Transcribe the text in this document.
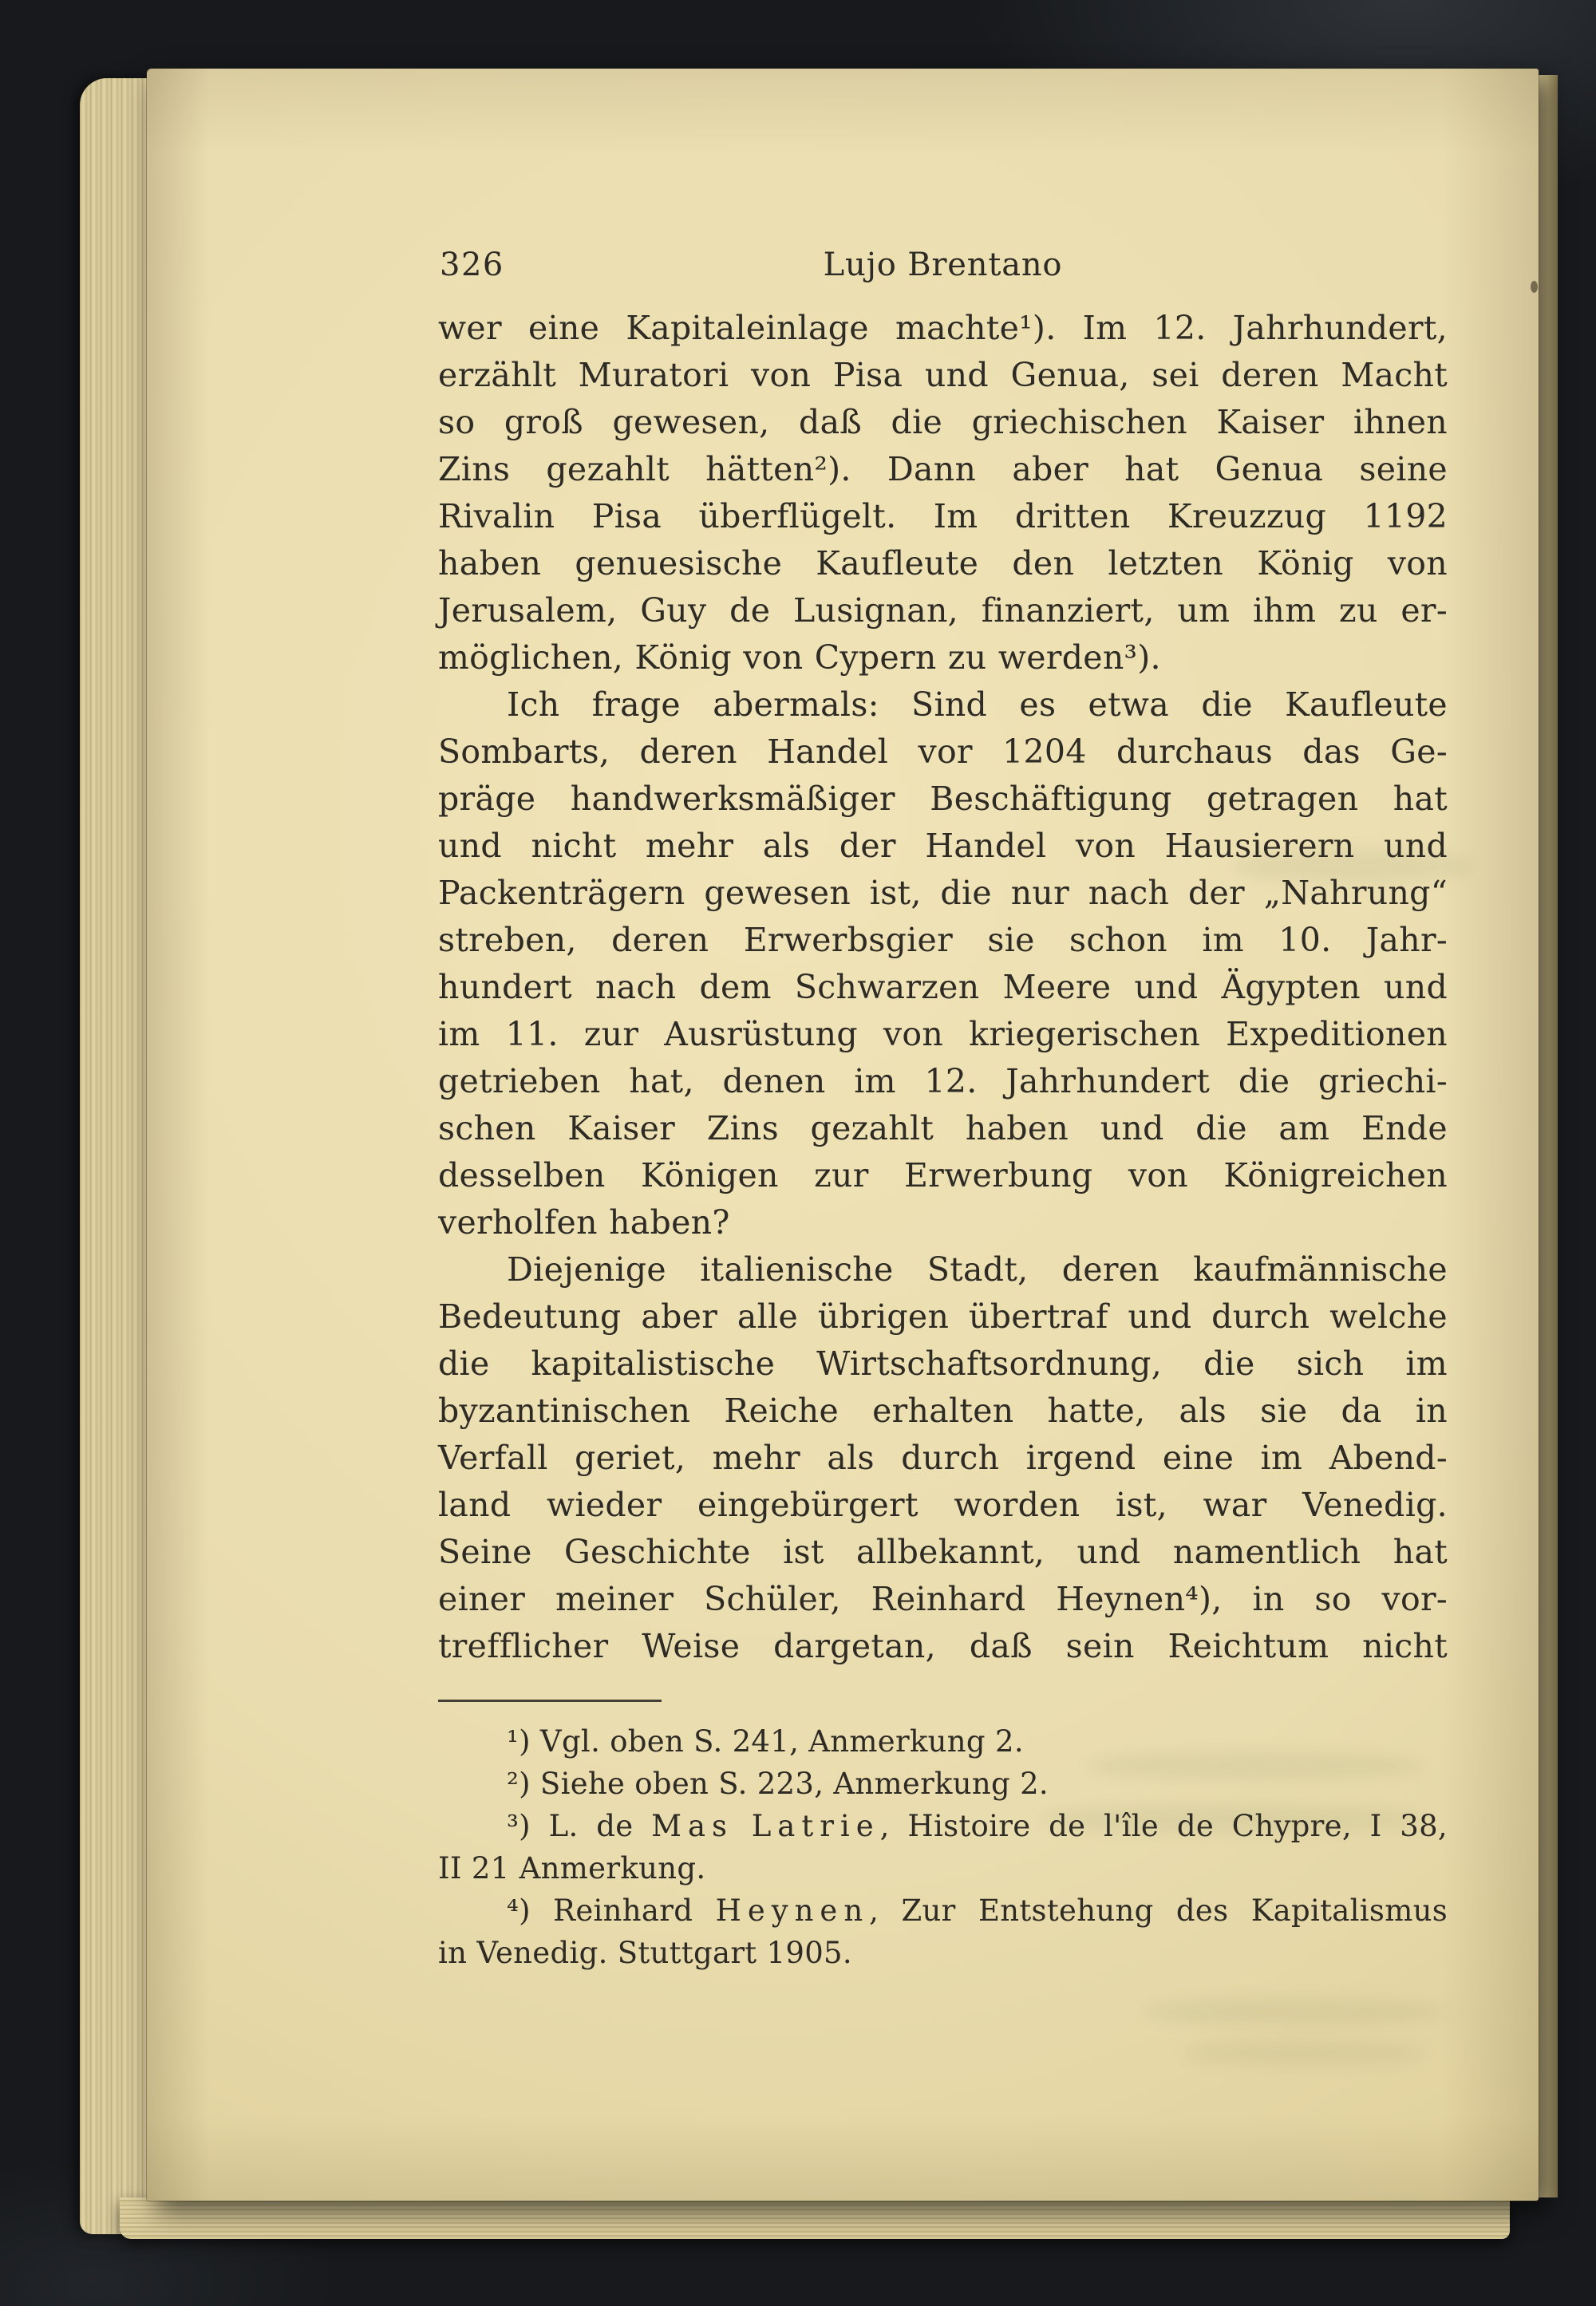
326	Lujo Brentano
wer eine Kapitaleinlage machte¹). Im 12. Jahrhundert,
erzählt Muratori von Pisa und Genua, sei deren Macht
so groß gewesen, daß die griechischen Kaiser ihnen
Zins gezahlt hätten²). Dann aber hat Genua seine
Rivalin Pisa überflügelt. Im dritten Kreuzzug 1192
haben genuesische Kaufleute den letzten König von
Jerusalem, Guy de Lusignan, finanziert, um ihm zu er-
möglichen, König von Cypern zu werden³).
Ich frage abermals: Sind es etwa die Kaufleute
Sombarts, deren Handel vor 1204 durchaus das Ge-
präge handwerksmäßiger Beschäftigung getragen hat
und nicht mehr als der Handel von Hausierern und
Packenträgern gewesen ist, die nur nach der „Nahrung“
streben, deren Erwerbsgier sie schon im 10. Jahr-
hundert nach dem Schwarzen Meere und Ägypten und
im 11. zur Ausrüstung von kriegerischen Expeditionen
getrieben hat, denen im 12. Jahrhundert die griechi-
schen Kaiser Zins gezahlt haben und die am Ende
desselben Königen zur Erwerbung von Königreichen
verholfen haben?
Diejenige italienische Stadt, deren kaufmännische
Bedeutung aber alle übrigen übertraf und durch welche
die kapitalistische Wirtschaftsordnung, die sich im
byzantinischen Reiche erhalten hatte, als sie da in
Verfall geriet, mehr als durch irgend eine im Abend-
land wieder eingebürgert worden ist, war Venedig.
Seine Geschichte ist allbekannt, und namentlich hat
einer meiner Schüler, Reinhard Heynen⁴), in so vor-
trefflicher Weise dargetan, daß sein Reichtum nicht
¹) Vgl. oben S. 241, Anmerkung 2.
²) Siehe oben S. 223, Anmerkung 2.
³) L. de M a s  L a t r i e , Histoire de l'île de Chypre, I 38,
II 21 Anmerkung.
⁴) Reinhard H e y n e n , Zur Entstehung des Kapitalismus
in Venedig. Stuttgart 1905.
